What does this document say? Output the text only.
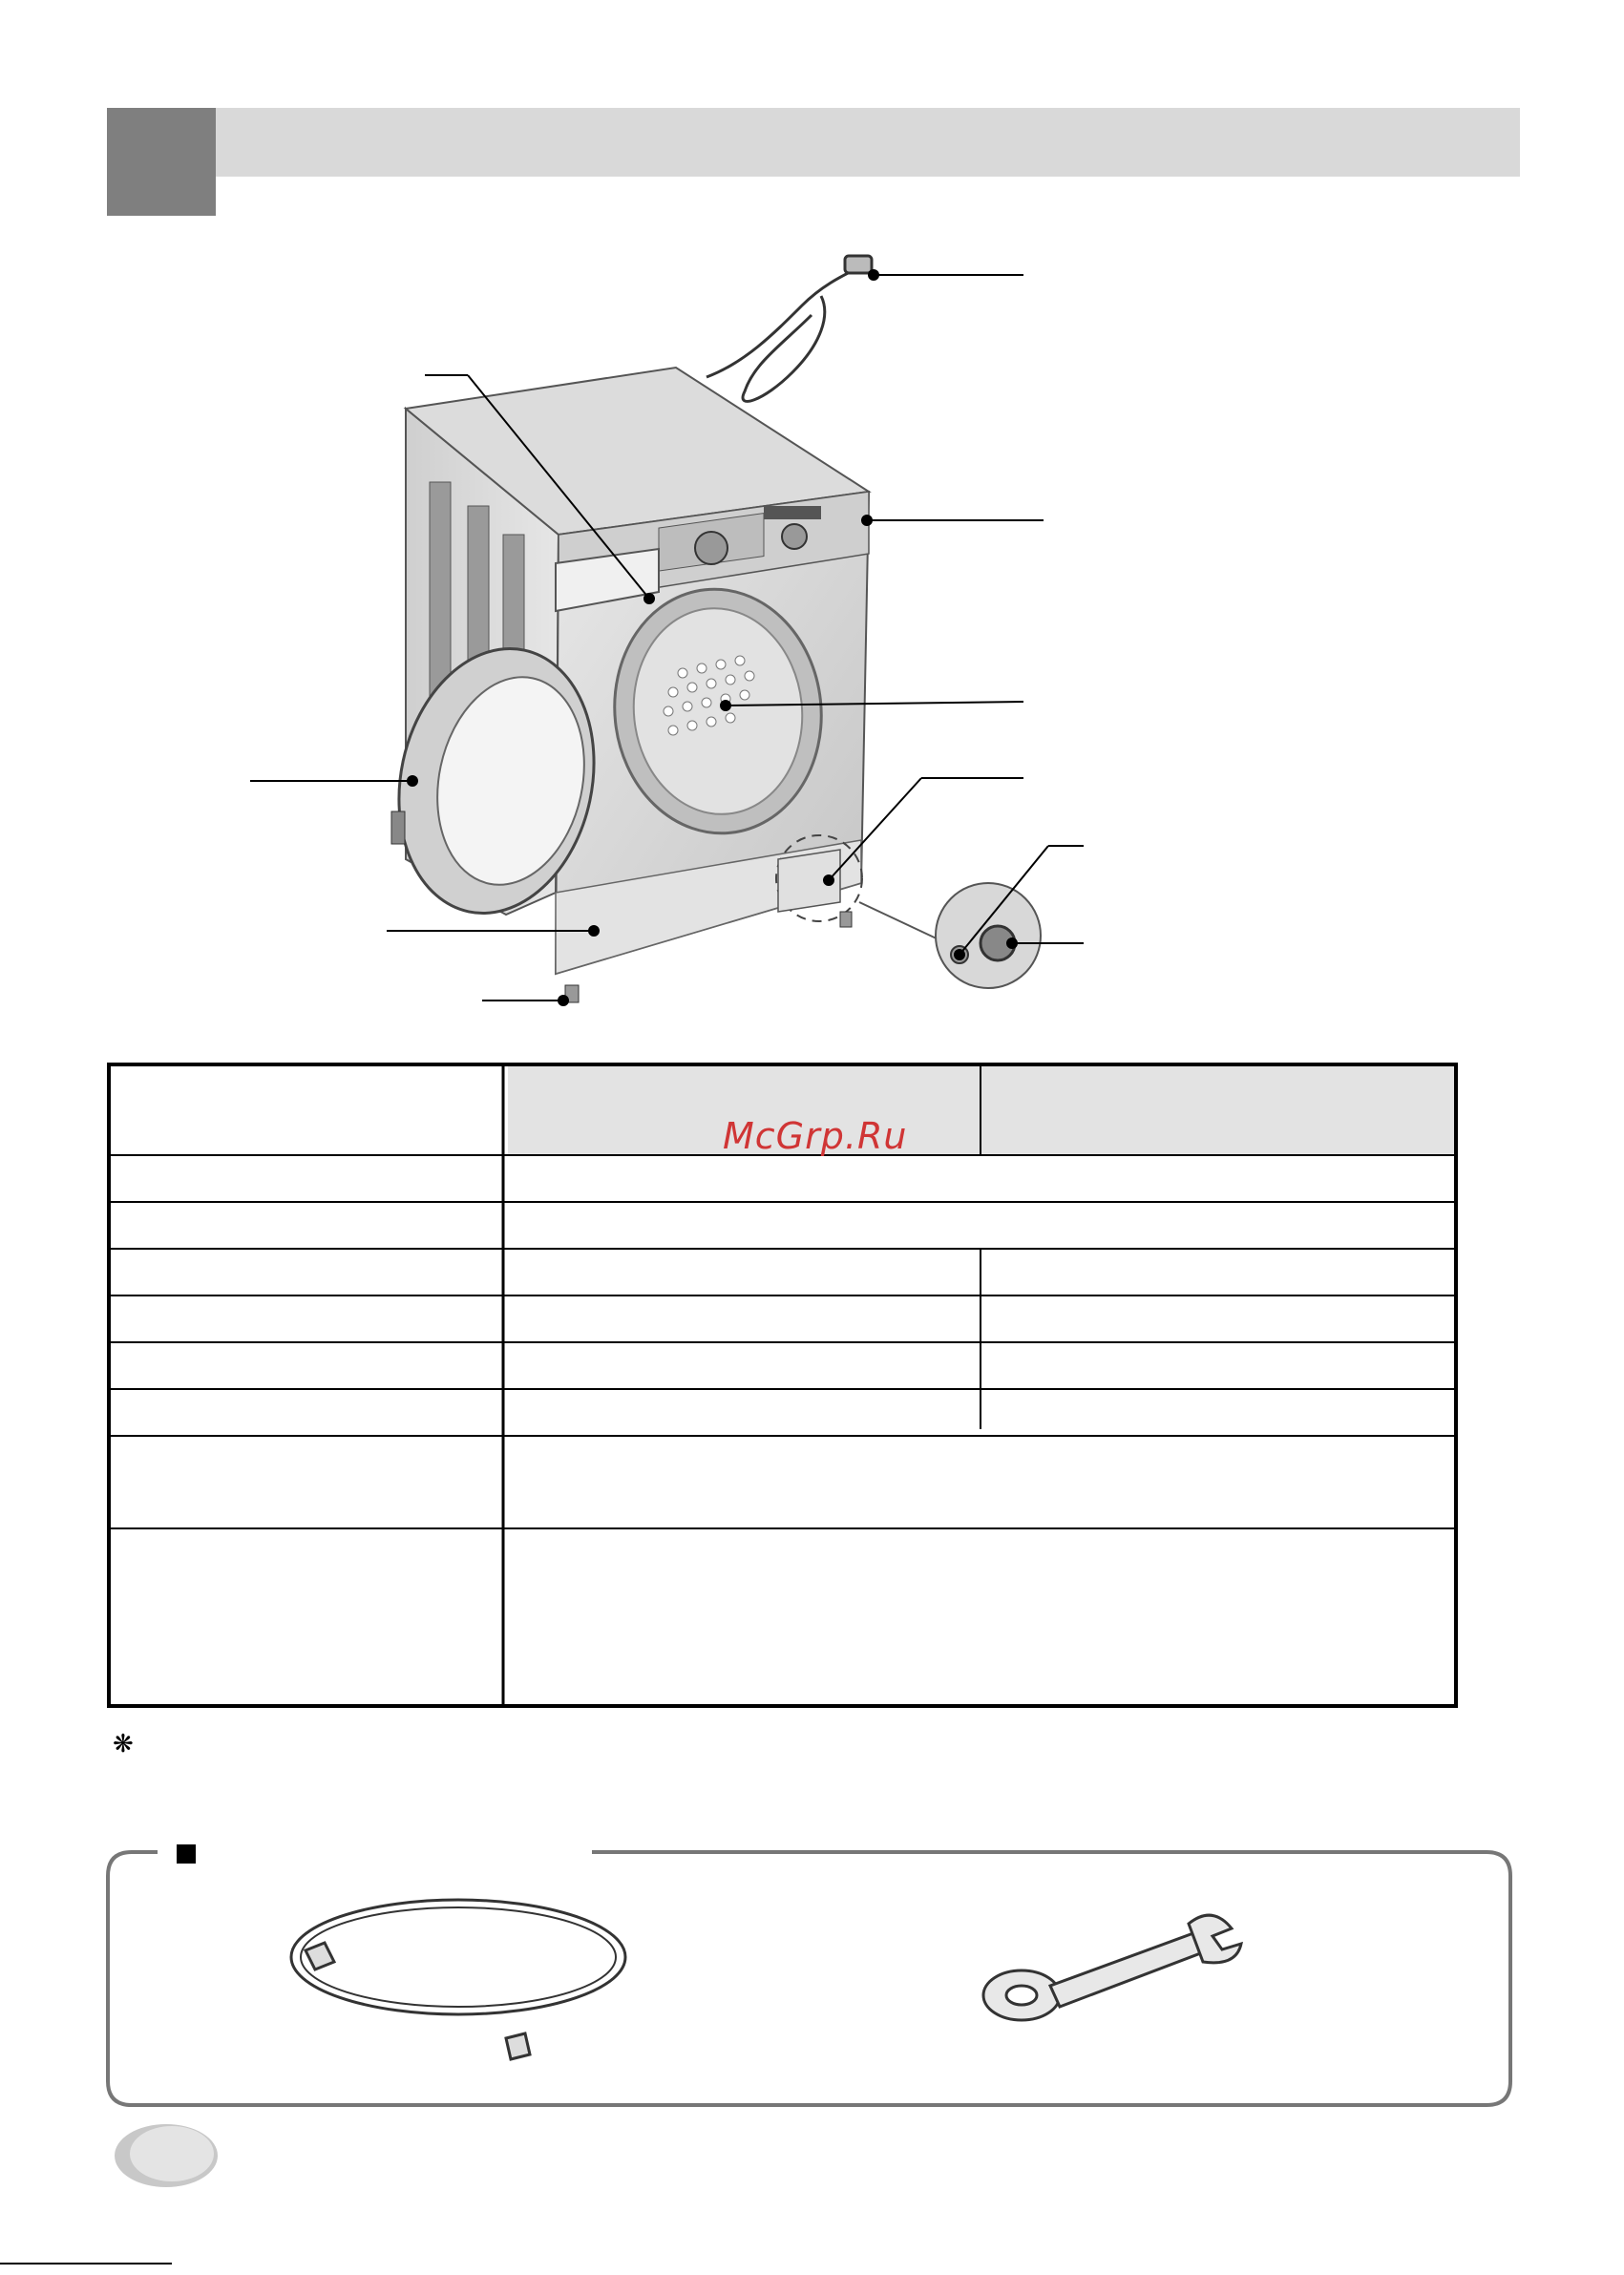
McGrp.Ru
❋
